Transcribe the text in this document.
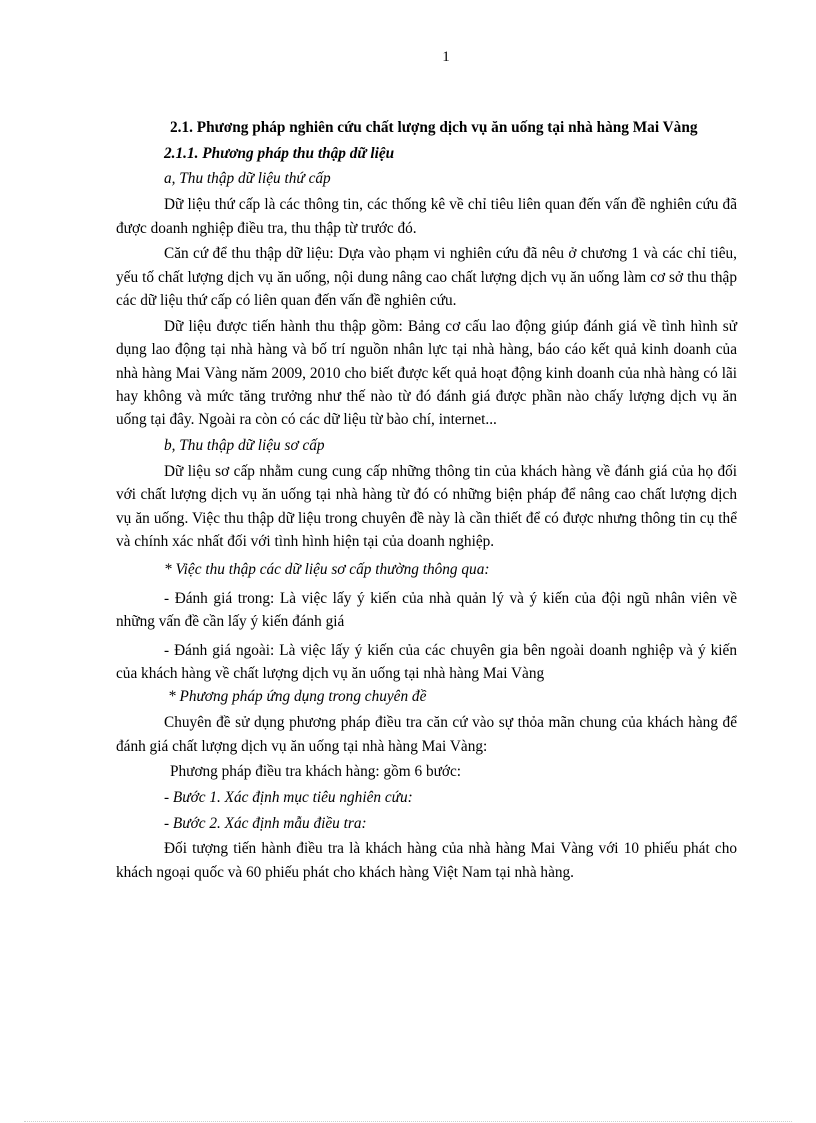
1

2.1. Phương pháp nghiên cứu chất lượng dịch vụ ăn uống tại nhà hàng Mai Vàng

2.1.1. Phương pháp thu thập dữ liệu

a, Thu thập dữ liệu thứ cấp

Dữ liệu thứ cấp là các thông tin, các thống kê về chỉ tiêu liên quan đến vấn đề nghiên cứu đã được doanh nghiệp điều tra, thu thập từ trước đó.

Căn cứ để thu thập dữ liệu: Dựa vào phạm vi nghiên cứu đã nêu ở chương 1 và các chỉ tiêu, yếu tố chất lượng dịch vụ ăn uống, nội dung nâng cao chất lượng dịch vụ ăn uống làm cơ sở thu thập các dữ liệu thứ cấp có liên quan đến vấn đề nghiên cứu.

Dữ liệu được tiến hành thu thập gồm: Bảng cơ cấu lao động giúp đánh giá về tình hình sử dụng lao động tại nhà hàng và bố trí nguồn nhân lực tại nhà hàng, báo cáo kết quả kinh doanh của nhà hàng Mai Vàng năm 2009, 2010 cho biết được kết quả hoạt động kinh doanh của nhà hàng có lãi hay không và mức tăng trưởng như thế nào từ đó đánh giá được phần nào chấy lượng dịch vụ ăn uống tại đây. Ngoài ra còn có các dữ liệu từ bào chí, internet...

b, Thu thập dữ liệu sơ cấp

Dữ liệu sơ cấp nhằm cung cung cấp những thông tin của khách hàng về đánh giá của họ đối với chất lượng dịch vụ ăn uống tại nhà hàng từ đó có những biện pháp để nâng cao chất lượng dịch vụ ăn uống. Việc thu thập dữ liệu trong chuyên đề này là cần thiết để có được nhưng thông tin cụ thể và chính xác nhất đối với tình hình hiện tại của doanh nghiệp.

* Việc thu thập các dữ liệu sơ cấp thường thông qua:

- Đánh giá trong: Là việc lấy ý kiến của nhà quản lý và ý kiến của đội ngũ nhân viên về những vấn đề cần lấy ý kiến đánh giá

- Đánh giá ngoài: Là việc lấy ý kiến của các chuyên gia bên ngoài doanh nghiệp và ý kiến của khách hàng về chất lượng dịch vụ ăn uống tại nhà hàng Mai Vàng

* Phương pháp ứng dụng trong chuyên đề

Chuyên đề sử dụng phương pháp điều tra căn cứ vào sự thỏa mãn chung của khách hàng để đánh giá chất lượng dịch vụ ăn uống tại nhà hàng Mai Vàng:

Phương pháp điều tra khách hàng: gồm 6 bước:

- Bước 1. Xác định mục tiêu nghiên cứu:

- Bước 2. Xác định mẫu điều tra:

Đối tượng tiến hành điều tra là khách hàng của nhà hàng Mai Vàng với 10 phiếu phát cho khách ngoại quốc và 60 phiếu phát cho khách hàng Việt Nam tại nhà hàng.
